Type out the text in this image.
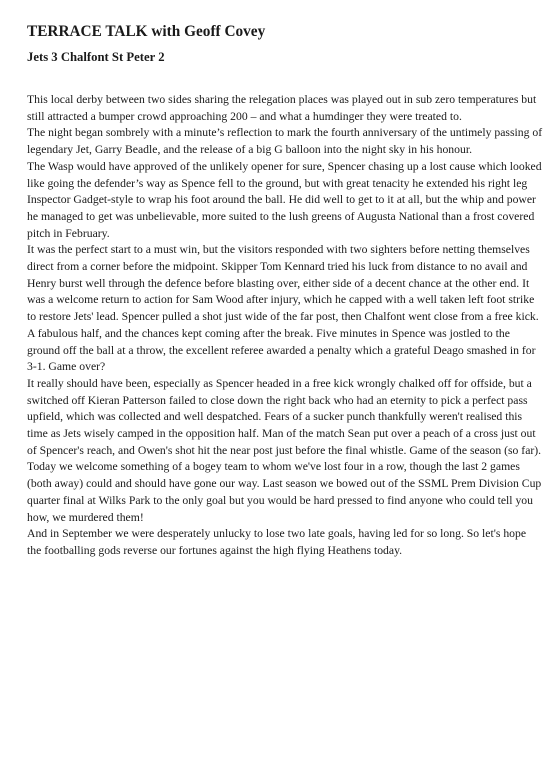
TERRACE TALK with Geoff Covey
Jets 3 Chalfont St Peter 2

This local derby between two sides sharing the relegation places was played out in sub zero temperatures but still attracted a bumper crowd approaching 200 – and what a humdinger they were treated to.

The night began sombrely with a minute’s reflection to mark the fourth anniversary of the untimely passing of legendary Jet, Garry Beadle, and the release of a big G balloon into the night sky in his honour.

The Wasp would have approved of the unlikely opener for sure, Spencer chasing up a lost cause which looked like going the defender’s way as Spence fell to the ground, but with great tenacity he extended his right leg Inspector Gadget-style to wrap his foot around the ball. He did well to get to it at all, but the whip and power he managed to get was unbelievable, more suited to the lush greens of Augusta National than a frost covered pitch in February.

It was the perfect start to a must win, but the visitors responded with two sighters before netting themselves direct from a corner before the midpoint. Skipper Tom Kennard tried his luck from distance to no avail and Henry burst well through the defence before blasting over, either side of a decent chance at the other end. It was a welcome return to action for Sam Wood after injury, which he capped with a well taken left foot strike to restore Jets' lead. Spencer pulled a shot just wide of the far post, then Chalfont went close from a free kick. A fabulous half, and the chances kept coming after the break. Five minutes in Spence was jostled to the ground off the ball at a throw, the excellent referee awarded a penalty which a grateful Deago smashed in for 3-1. Game over?

It really should have been, especially as Spencer headed in a free kick wrongly chalked off for offside, but a switched off Kieran Patterson failed to close down the right back who had an eternity to pick a perfect pass upfield, which was collected and well despatched. Fears of a sucker punch thankfully weren't realised this time as Jets wisely camped in the opposition half. Man of the match Sean put over a peach of a cross just out of Spencer's reach, and Owen's shot hit the near post just before the final whistle. Game of the season (so far).

Today we welcome something of a bogey team to whom we've lost four in a row, though the last 2 games (both away) could and should have gone our way. Last season we bowed out of the SSML Prem Division Cup quarter final at Wilks Park to the only goal but you would be hard pressed to find anyone who could tell you how, we murdered them!

And in September we were desperately unlucky to lose two late goals, having led for so long. So let's hope the footballing gods reverse our fortunes against the high flying Heathens today.
